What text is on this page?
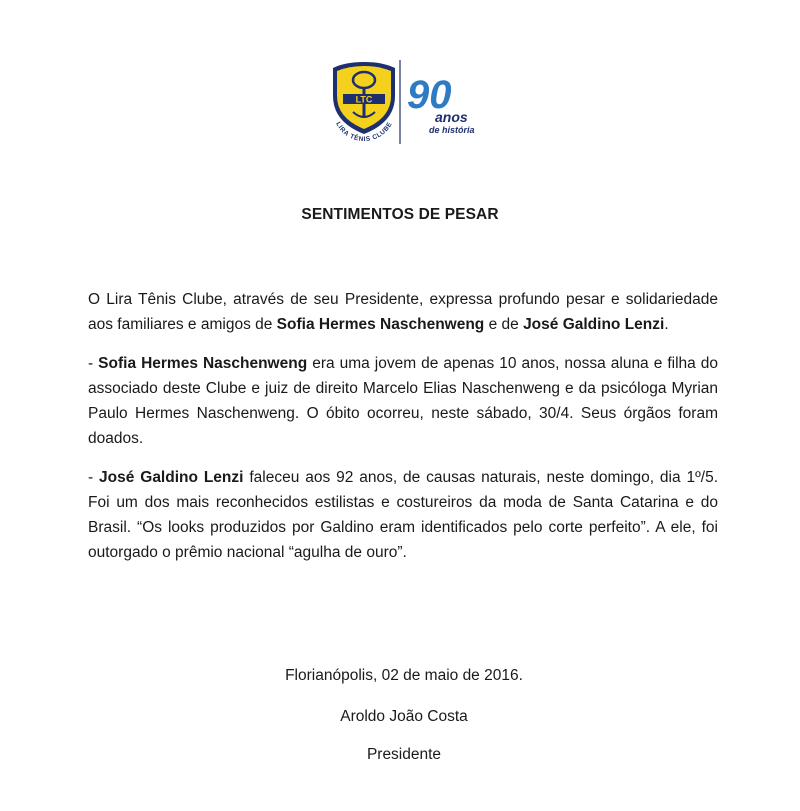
LTC
LIRA TÊNIS CLUBE
90
anos
de história
SENTIMENTOS DE PESAR

O Lira Tênis Clube, através de seu Presidente, expressa profundo pesar e solidariedade aos familiares e amigos de Sofia Hermes Naschenweng e de José Galdino Lenzi.

- Sofia Hermes Naschenweng era uma jovem de apenas 10 anos, nossa aluna e filha do associado deste Clube e juiz de direito Marcelo Elias Naschenweng e da psicóloga Myrian Paulo Hermes Naschenweng. O óbito ocorreu, neste sábado, 30/4. Seus órgãos foram doados.

- José Galdino Lenzi faleceu aos 92 anos, de causas naturais, neste domingo, dia 1º/5. Foi um dos mais reconhecidos estilistas e costureiros da moda de Santa Catarina e do Brasil. “Os looks produzidos por Galdino eram identificados pelo corte perfeito”. A ele, foi outorgado o prêmio nacional “agulha de ouro”.

Florianópolis, 02 de maio de 2016.
Aroldo João Costa
Presidente
